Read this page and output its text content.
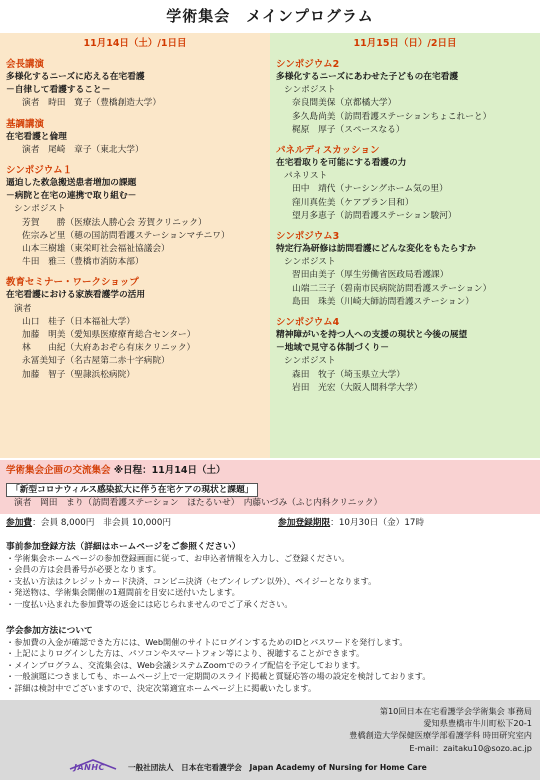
学術集会　メインプログラム
11月14日（土）/1日目
会長講演
多様化するニーズに応える在宅看護
－自律して看護すること－
演者　時田　寛子（豊橋創造大学）
基調講演
在宅看護と倫理
演者　尾崎　章子（東北大学）
シンポジウム１
逼迫した救急搬送患者増加の課題
－病院と在宅の連携で取り組む－
シンポジスト
芳賀　　勝（医療法人勝心会 芳賀クリニック）
佐宗みど里（穂の国訪問看護ステーションマチニワ）
山本三樹雄（東栄町社会福祉協議会）
牛田　雅三（豊橋市消防本部）
教育セミナー・ワークショップ
在宅看護における家族看護学の活用
演者
山口　桂子（日本福祉大学）
加藤　明美（愛知県医療療育総合センター）
林　　由紀（大府あおぞら有床クリニック）
永冨美知子（名古屋第二赤十字病院）
加藤　智子（聖隷浜松病院）
11月15日（日）/2日目
シンポジウム2
多様化するニーズにあわせた子どもの在宅看護
シンポジスト
奈良間美保（京都橘大学）
多久島尚美（訪問看護ステーションちょこれーと）
梶原　厚子（スペースなる）
パネルディスカッション
在宅看取りを可能にする看護の力
パネリスト
田中　靖代（ナーシングホーム気の里）
窪川真佐美（ケアプラン目和）
望月多恵子（訪問看護ステーション駿河）
シンポジウム3
特定行為研修は訪問看護にどんな変化をもたらすか
シンポジスト
習田由美子（厚生労働省医政局看護課）
山端二三子（碧南市民病院訪問看護ステーション）
島田　珠美（川崎大師訪問看護ステーション）
シンポジウム4
精神障がいを持つ人への支援の現状と今後の展望
－地域で見守る体制づくり－
シンポジスト
森田　牧子（埼玉県立大学）
岩田　光宏（大阪人間科学大学）
学術集会企画の交流集会 ※日程：11月14日（土）
「新型コロナウィルス感染拡大に伴う在宅ケアの現状と課題」
演者　岡田　まり（訪問看護ステーション　ほたるいせ）　内藤いづみ（ふじ内科クリニック）
参加費：会員 8,000円　非会員 10,000円	参加登録期限：10月30日（金）17時
事前参加登録方法（詳細はホームページをご参照ください）
・学術集会ホームページの参加登録画面に従って、お申込者情報を入力し、ご登録ください。
・会員の方は会員番号が必要となります。
・支払い方法はクレジットカード決済、コンビニ決済（セブンイレブン以外）、ペイジーとなります。
・発送物は、学術集会開催の1週間前を目安に送付いたします。
・一度払い込まれた参加費等の返金には応じられませんのでご了承ください。
学会参加方法について
・参加費の入金が確認できた方には、Web開催のサイトにログインするためのIDとパスワードを発行します。
・上記によりログインした方は、パソコンやスマートフォン等により、視聴することができます。
・メインプログラム、交流集会は、Web会議システムZoomでのライブ配信を予定しております。
・一般演題につきましても、ホームページ上で一定期間のスライド掲載と質疑応答の場の設定を検討しております。
・詳細は検討中でございますので、決定次第適宜ホームページ上に掲載いたします。
第10回日本在宅看護学会学術集会 事務局
愛知県豊橋市牛川町松下20-1
豊橋創造大学保健医療学部看護学科 時田研究室内
E-mail：zaitaku10@sozo.ac.jp
JANHC	一般社団法人　日本在宅看護学会　Japan Academy of Nursing for Home Care
